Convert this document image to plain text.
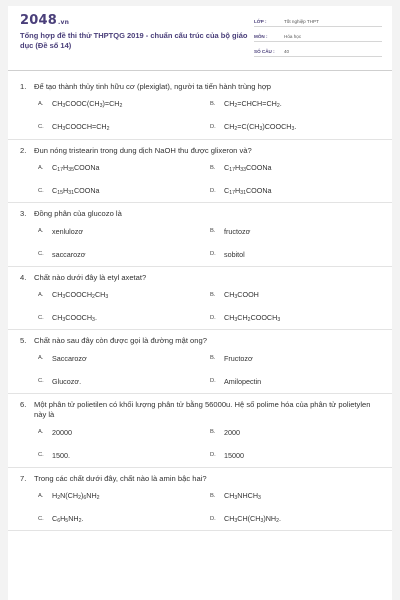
2048.vn
Tổng hợp đề thi thử THPTQG 2019 - chuẩn cấu trúc của bộ giáo dục (Đề số 14)
LỚP :	Tốt nghiệp THPT
MÔN :	Hóa học
SỐ CÂU :	40
1.	Để tạo thành thủy tinh hữu cơ (plexiglat), người ta tiến hành trùng hợp
A.	$CH_3COOC(CH_3)=CH_2$	B.	$CH_2=CHCH=CH_2$.
C.	$CH_3COOCH=CH_2$	D.	$CH_2=C(CH_3)COOCH_3$.
2.	Đun nóng tristearin trong dung dịch NaOH thu được glixeron và?
A.	$C_{17}H_{35}COONa$	B.	$C_{17}H_{33}COONa$
C.	$C_{15}H_{31}COONa$	D.	$C_{17}H_{31}COONa$
3.	Đồng phân của glucozo là
A.	xenlulozơ	B.	fructozơ
C.	saccarozơ	D.	sobitol
4.	Chất nào dưới đây là etyl axetat?
A.	$CH_3COOCH_2CH_3$	B.	$CH_3COOH$
C.	$CH_3COOCH_3$.	D.	$CH_3CH_2COOCH_3$
5.	Chất nào sau đây còn được gọi là đường mật ong?
A.	Saccarozơ	B.	Fructozơ
C.	Glucozơ.	D.	Amilopectin
6.	Một phân tử polietilen có khối lượng phân tử bằng 56000u. Hệ số polime hóa của phân tử polietylen này là
A.	20000	B.	2000
C.	1500.	D.	15000
7.	Trong các chất dưới đây, chất nào là amin bậc hai?
A.	$H_2N(CH_2)_6NH_2$	B.	$CH_3NHCH_3$
C.	$C_6H_5NH_2$.	D.	$CH_3CH(CH_3)NH_2$.
